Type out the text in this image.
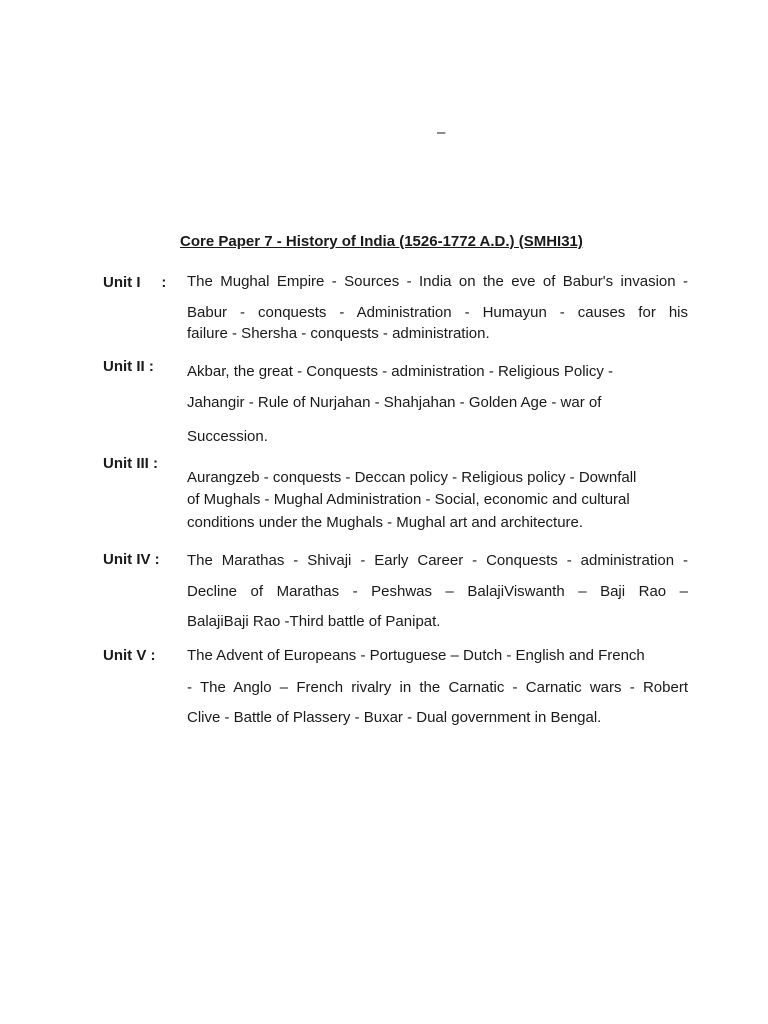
–
Core Paper 7 - History of India (1526-1772 A.D.) (SMHI31)
Unit I     : The Mughal Empire - Sources - India on the eve of Babur's invasion -
Babur - conquests - Administration - Humayun - causes for his
failure - Shersha - conquests - administration.
Unit II : Akbar, the great - Conquests - administration - Religious Policy -
Jahangir - Rule of Nurjahan - Shahjahan - Golden Age - war of
Succession.
Unit III :
Aurangzeb - conquests - Deccan policy - Religious policy - Downfall
of Mughals - Mughal Administration - Social, economic and cultural
conditions under the Mughals - Mughal art and architecture.
Unit IV : The Marathas - Shivaji - Early Career - Conquests - administration -
Decline of Marathas - Peshwas – BalajiViswanth – Baji Rao –
BalajiBaji Rao -Third battle of Panipat.
Unit V : The Advent of Europeans - Portuguese – Dutch - English and French
- The Anglo – French rivalry in the Carnatic - Carnatic wars - Robert
Clive - Battle of Plassery - Buxar - Dual government in Bengal.
